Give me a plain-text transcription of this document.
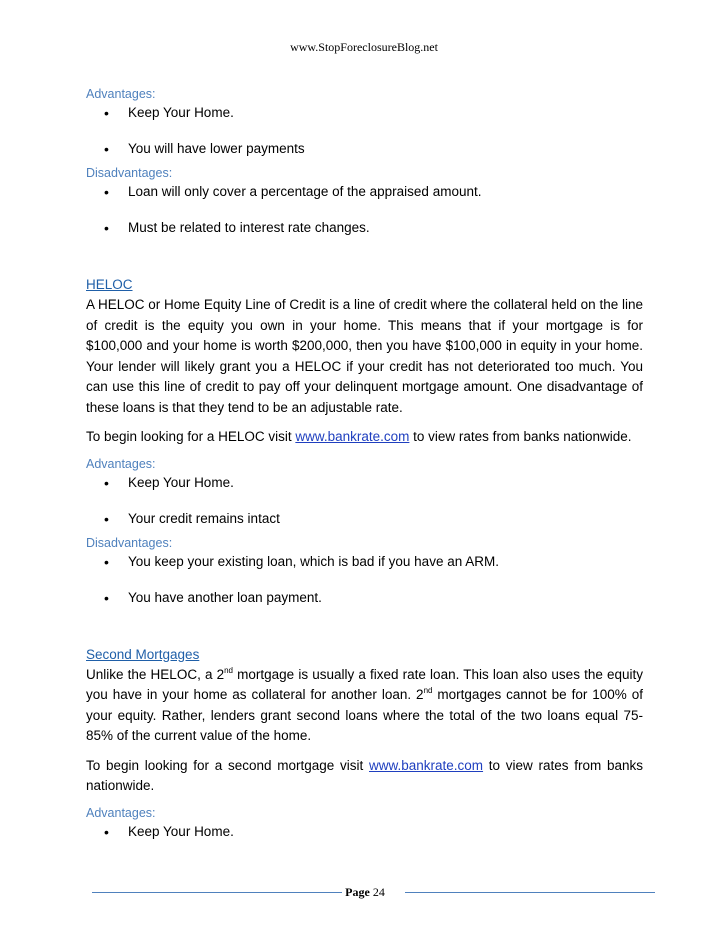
www.StopForeclosureBlog.net

Advantages:

• Keep Your Home.
• You will have lower payments

Disadvantages:

• Loan will only cover a percentage of the appraised amount.
• Must be related to interest rate changes.

HELOC

A HELOC or Home Equity Line of Credit is a line of credit where the collateral held on the line of credit is the equity you own in your home. This means that if your mortgage is for $100,000 and your home is worth $200,000, then you have $100,000 in equity in your home. Your lender will likely grant you a HELOC if your credit has not deteriorated too much. You can use this line of credit to pay off your delinquent mortgage amount. One disadvantage of these loans is that they tend to be an adjustable rate.

To begin looking for a HELOC visit www.bankrate.com to view rates from banks nationwide.

Advantages:

• Keep Your Home.
• Your credit remains intact

Disadvantages:

• You keep your existing loan, which is bad if you have an ARM.
• You have another loan payment.

Second Mortgages

Unlike the HELOC, a 2nd mortgage is usually a fixed rate loan. This loan also uses the equity you have in your home as collateral for another loan. 2nd mortgages cannot be for 100% of your equity. Rather, lenders grant second loans where the total of the two loans equal 75-85% of the current value of the home.

To begin looking for a second mortgage visit www.bankrate.com to view rates from banks nationwide.

Advantages:

• Keep Your Home.
Page 24
